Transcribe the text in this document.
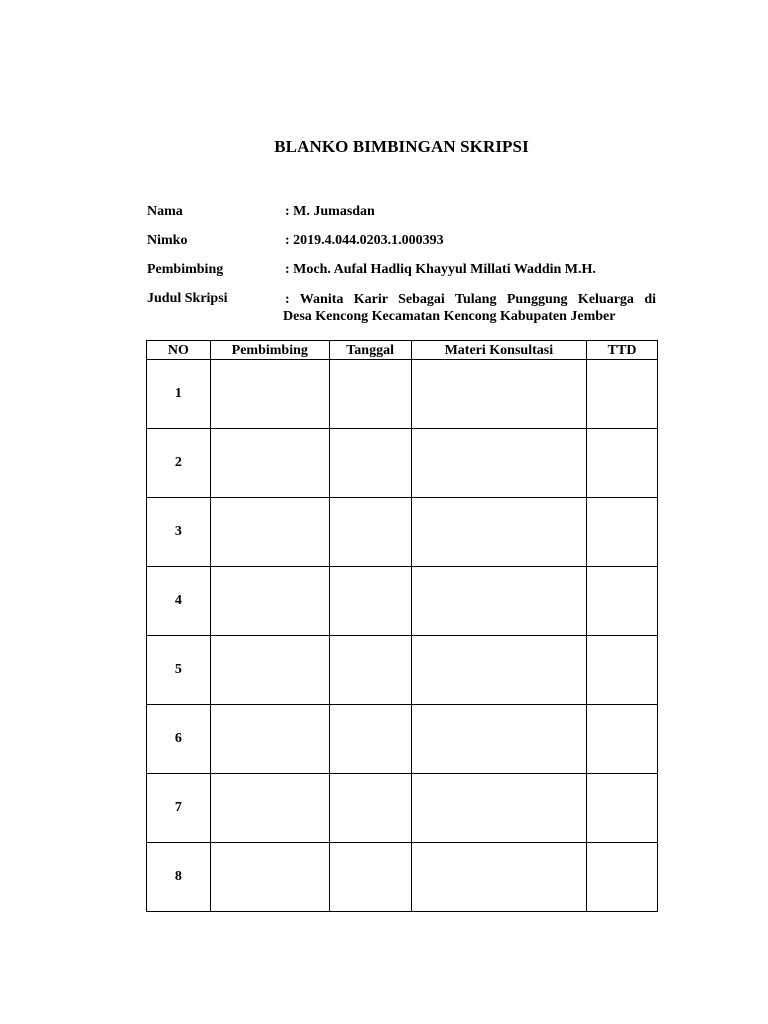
BLANKO BIMBINGAN SKRIPSI
Nama	: M. Jumasdan
Nimko	: 2019.4.044.0203.1.000393
Pembimbing	: Moch. Aufal Hadliq Khayyul Millati Waddin M.H.
Judul Skripsi	: Wanita Karir Sebagai Tulang Punggung Keluarga di
Desa Kencong Kecamatan Kencong Kabupaten Jember
NO	Pembimbing	Tanggal	Materi Konsultasi	TTD
1				
2				
3				
4				
5				
6				
7				
8				
